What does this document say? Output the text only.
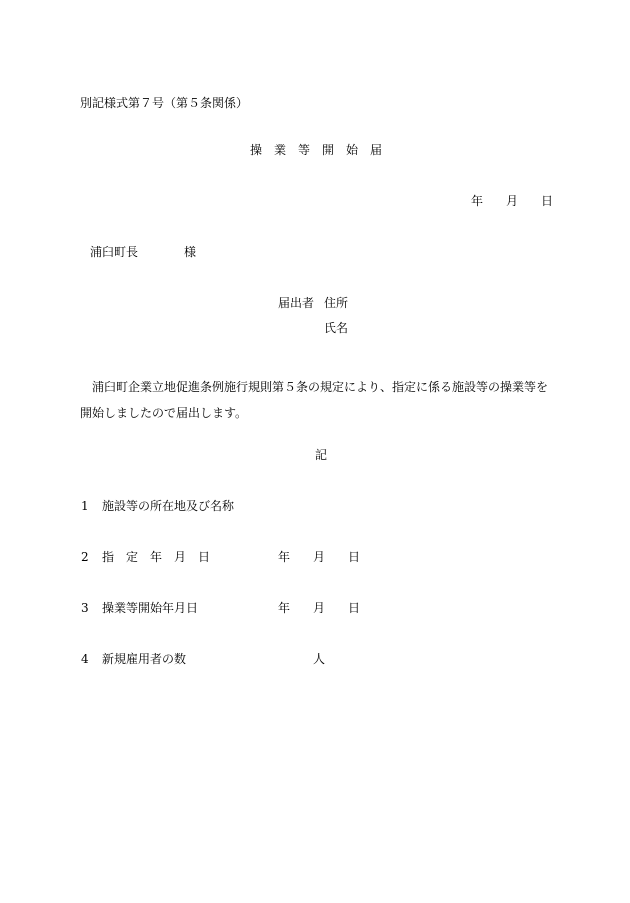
別記様式第７号（第５条関係）
操　業　等　開　始　届
年 月 日
浦臼町長	様
届出者 住所
氏名
浦臼町企業立地促進条例施行規則第５条の規定により、指定に係る施設等の操業等を開始しましたので届出します。
記
1 施設等の所在地及び名称
2 指　定　年　月　日	年 月 日
3 操業等開始年月日	年 月 日
4 新規雇用者の数	人
